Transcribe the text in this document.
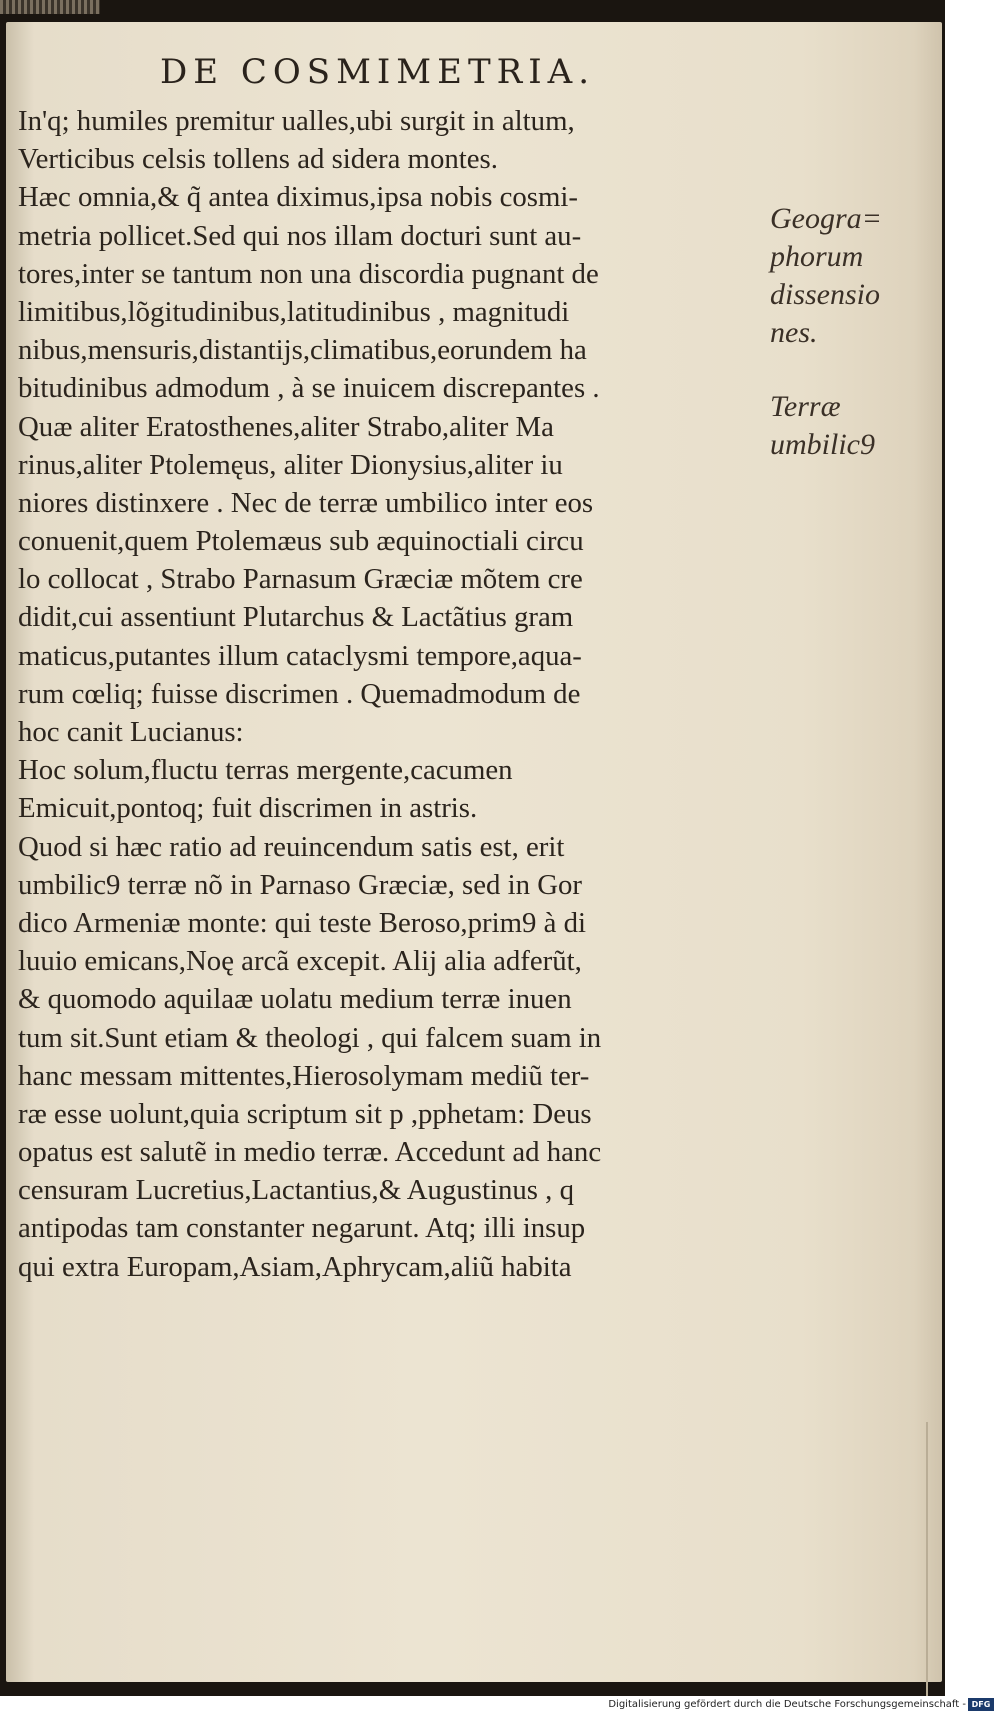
DE COSMIMETRIA.
In'q; humiles premitur ualles,ubi surgit in altum,
Verticibus celsis tollens ad sidera montes.
Hæc omnia,& q̃ antea diximus,ipsa nobis cosmi-
metria pollicet.Sed qui nos illam docturi sunt au-
tores,inter se tantum non una discordia pugnant de
limitibus,lõgitudinibus,latitudinibus , magnitudi
nibus,mensuris,distantijs,climatibus,eorundem ha
bitudinibus admodum , à se inuicem discrepantes .
Quæ aliter Eratosthenes,aliter Strabo,aliter Ma
rinus,aliter Ptolemęus, aliter Dionysius,aliter iu
niores distinxere . Nec de terræ umbilico inter eos
conuenit,quem Ptolemæus sub æquinoctiali circu
lo collocat , Strabo Parnasum Græciæ mõtem cre
didit,cui assentiunt Plutarchus & Lactãtius gram
maticus,putantes illum cataclysmi tempore,aqua-
rum cœliq; fuisse discrimen . Quemadmodum de
hoc canit Lucianus:
Hoc solum,fluctu terras mergente,cacumen
Emicuit,pontoq; fuit discrimen in astris.
Quod si hæc ratio ad reuincendum satis est, erit
umbilic9 terræ nõ in Parnaso Græciæ, sed in Gor
dico Armeniæ monte: qui teste Beroso,prim9 à di
luuio emicans,Noę arcã excepit. Alij alia adferũt,
& quomodo aquilaæ uolatu medium terræ inuen
tum sit.Sunt etiam & theologi , qui falcem suam in
hanc messam mittentes,Hierosolymam mediũ ter-
ræ esse uolunt,quia scriptum sit p ,pphetam: Deus
opatus est salutẽ in medio terræ. Accedunt ad hanc
censuram Lucretius,Lactantius,& Augustinus , q
antipodas tam constanter negarunt. Atq; illi insup
qui extra Europam,Asiam,Aphrycam,aliũ habita
Geogra=
phorum
dissensio
nes.
Terræ
umbilic9
Digitalisierung gefördert durch die Deutsche Forschungsgemeinschaft - DFG
